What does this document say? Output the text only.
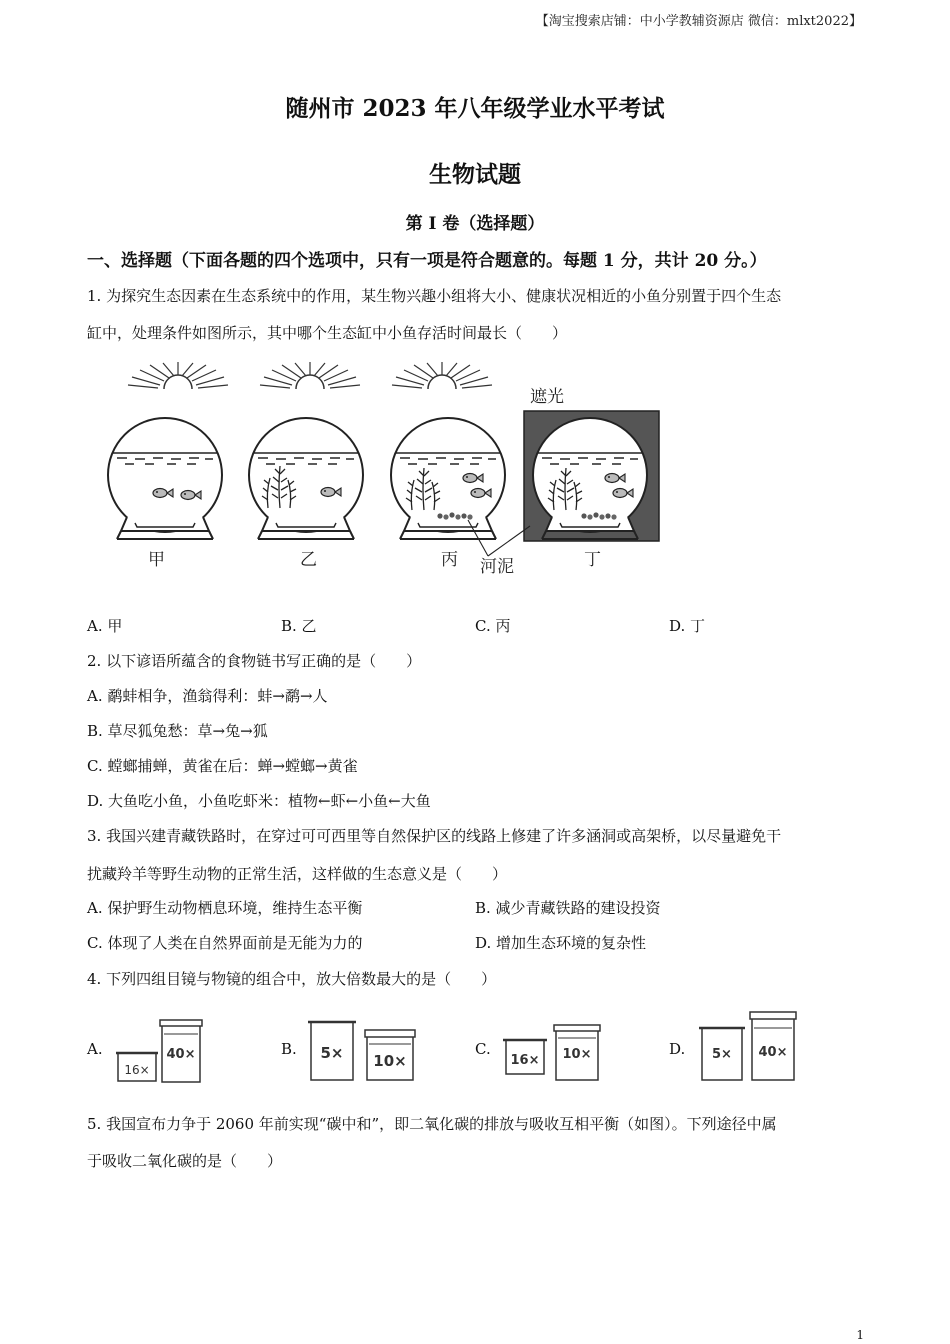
【淘宝搜索店铺：中小学教辅资源店 微信：mlxt2022】
随州市 2023 年八年级学业水平考试
生物试题
第 I 卷（选择题）
一、选择题（下面各题的四个选项中，只有一项是符合题意的。每题 1 分，共计 20 分。）
1. 为探究生态因素在生态系统中的作用，某生物兴趣小组将大小、健康状况相近的小鱼分别置于四个生态
缸中，处理条件如图所示，其中哪个生态缸中小鱼存活时间最长（　　）
遮光
甲	乙	丙	丁
河泥
A. 甲	B. 乙	C. 丙	D. 丁
2. 以下谚语所蕴含的食物链书写正确的是（　　）
A. 鹬蚌相争，渔翁得利：蚌→鹬→人
B. 草尽狐兔愁：草→兔→狐
C. 螳螂捕蝉，黄雀在后：蝉→螳螂→黄雀
D. 大鱼吃小鱼，小鱼吃虾米：植物←虾←小鱼←大鱼
3. 我国兴建青藏铁路时，在穿过可可西里等自然保护区的线路上修建了许多涵洞或高架桥，以尽量避免干
扰藏羚羊等野生动物的正常生活，这样做的生态意义是（　　）
A. 保护野生动物栖息环境，维持生态平衡	B. 减少青藏铁路的建设投资
C. 体现了人类在自然界面前是无能为力的	D. 增加生态环境的复杂性
4. 下列四组目镜与物镜的组合中，放大倍数最大的是（　　）
A.	B.	C.	D.
16×
40×	5× 10×	16× 10×	5× 40×
5. 我国宣布力争于 2060 年前实现“碳中和”，即二氧化碳的排放与吸收互相平衡（如图）。下列途径中属
于吸收二氧化碳的是（　　）
1
